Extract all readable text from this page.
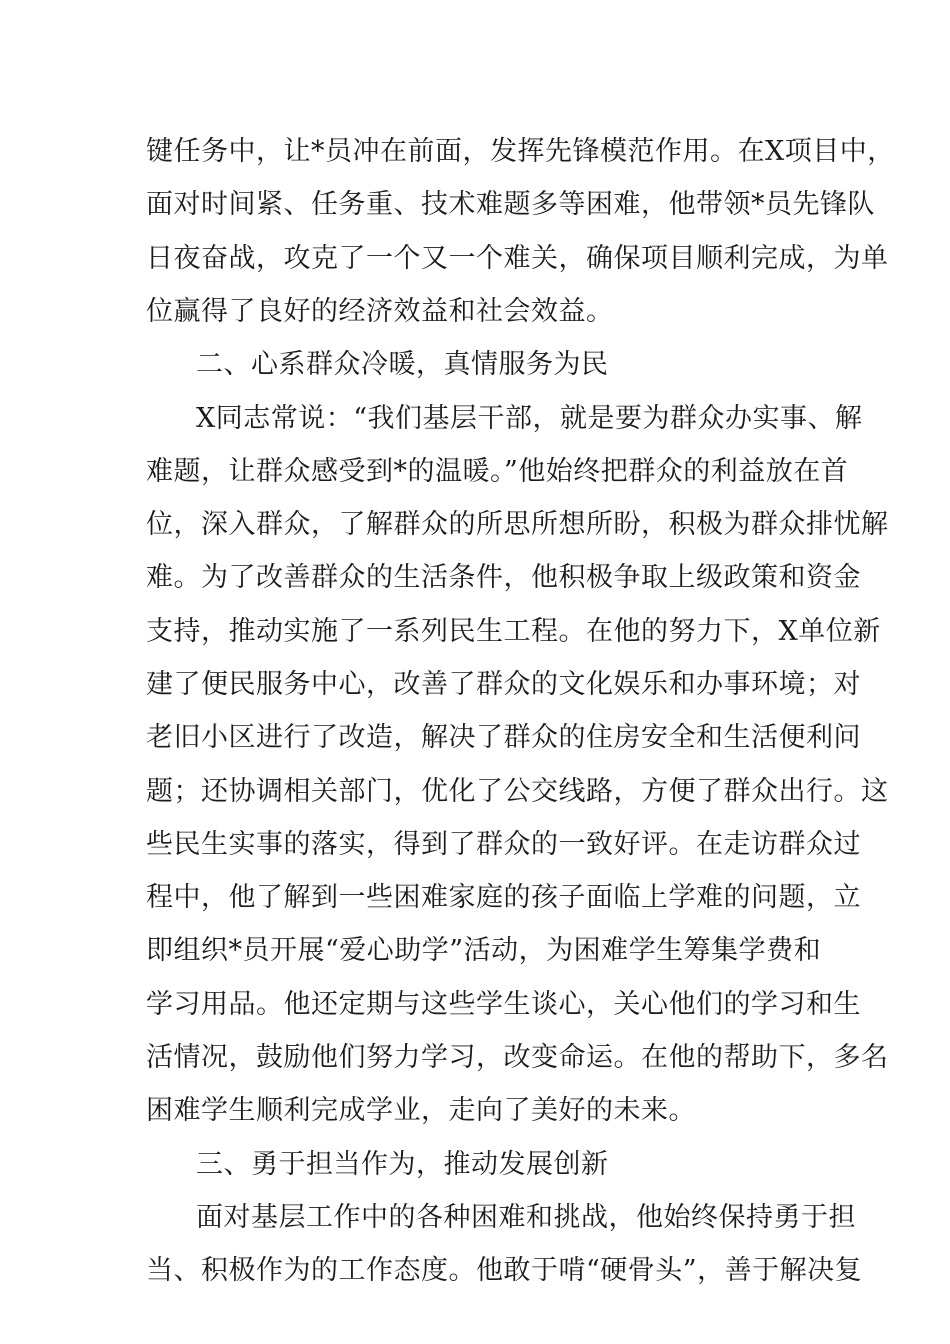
键任务中，让*员冲在前面，发挥先锋模范作用。在X项目中，
面对时间紧、任务重、技术难题多等困难，他带领*员先锋队
日夜奋战，攻克了一个又一个难关，确保项目顺利完成，为单
位赢得了良好的经济效益和社会效益。
二、心系群众冷暖，真情服务为民
X同志常说：“我们基层干部，就是要为群众办实事、解
难题，让群众感受到*的温暖。”他始终把群众的利益放在首
位，深入群众，了解群众的所思所想所盼，积极为群众排忧解
难。为了改善群众的生活条件，他积极争取上级政策和资金
支持，推动实施了一系列民生工程。在他的努力下，X单位新
建了便民服务中心，改善了群众的文化娱乐和办事环境；对
老旧小区进行了改造，解决了群众的住房安全和生活便利问
题；还协调相关部门，优化了公交线路，方便了群众出行。这
些民生实事的落实，得到了群众的一致好评。在走访群众过
程中，他了解到一些困难家庭的孩子面临上学难的问题，立
即组织*员开展“爱心助学”活动，为困难学生筹集学费和
学习用品。他还定期与这些学生谈心，关心他们的学习和生
活情况，鼓励他们努力学习，改变命运。在他的帮助下，多名
困难学生顺利完成学业，走向了美好的未来。
三、勇于担当作为，推动发展创新
面对基层工作中的各种困难和挑战，他始终保持勇于担
当、积极作为的工作态度。他敢于啃“硬骨头”，善于解决复
